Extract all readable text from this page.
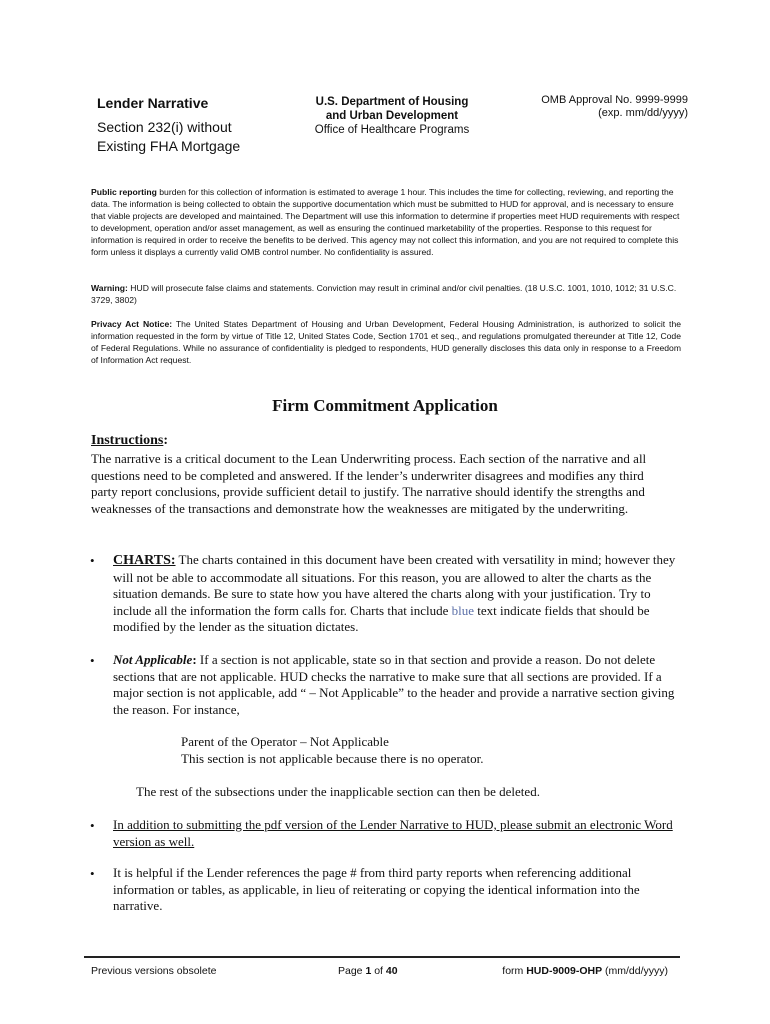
Lender Narrative
Section 232(i) without
Existing FHA Mortgage
U.S. Department of Housing
and Urban Development
Office of Healthcare Programs
OMB Approval No. 9999-9999
(exp. mm/dd/yyyy)
Public reporting burden for this collection of information is estimated to average 1 hour. This includes the time for collecting, reviewing, and reporting the data. The information is being collected to obtain the supportive documentation which must be submitted to HUD for approval, and is necessary to ensure that viable projects are developed and maintained. The Department will use this information to determine if properties meet HUD requirements with respect to development, operation and/or asset management, as well as ensuring the continued marketability of the properties. Response to this request for information is required in order to receive the benefits to be derived. This agency may not collect this information, and you are not required to complete this form unless it displays a currently valid OMB control number. No confidentiality is assured.
Warning: HUD will prosecute false claims and statements. Conviction may result in criminal and/or civil penalties. (18 U.S.C. 1001, 1010, 1012; 31 U.S.C. 3729, 3802)
Privacy Act Notice: The United States Department of Housing and Urban Development, Federal Housing Administration, is authorized to solicit the information requested in the form by virtue of Title 12, United States Code, Section 1701 et seq., and regulations promulgated thereunder at Title 12, Code of Federal Regulations. While no assurance of confidentiality is pledged to respondents, HUD generally discloses this data only in response to a Freedom of Information Act request.
Firm Commitment Application
Instructions:
The narrative is a critical document to the Lean Underwriting process. Each section of the narrative and all questions need to be completed and answered. If the lender’s underwriter disagrees and modifies any third party report conclusions, provide sufficient detail to justify. The narrative should identify the strengths and weaknesses of the transactions and demonstrate how the weaknesses are mitigated by the underwriting.
• CHARTS: The charts contained in this document have been created with versatility in mind; however they will not be able to accommodate all situations. For this reason, you are allowed to alter the charts as the situation demands. Be sure to state how you have altered the charts along with your justification. Try to include all the information the form calls for. Charts that include blue text indicate fields that should be modified by the lender as the situation dictates.
• Not Applicable: If a section is not applicable, state so in that section and provide a reason. Do not delete sections that are not applicable. HUD checks the narrative to make sure that all sections are provided. If a major section is not applicable, add “ – Not Applicable” to the header and provide a narrative section giving the reason. For instance,
Parent of the Operator – Not Applicable
This section is not applicable because there is no operator.
The rest of the subsections under the inapplicable section can then be deleted.
• In addition to submitting the pdf version of the Lender Narrative to HUD, please submit an electronic Word version as well.
• It is helpful if the Lender references the page # from third party reports when referencing additional information or tables, as applicable, in lieu of reiterating or copying the identical information into the narrative.
Previous versions obsolete	Page 1 of 40	form HUD-9009-OHP (mm/dd/yyyy)
